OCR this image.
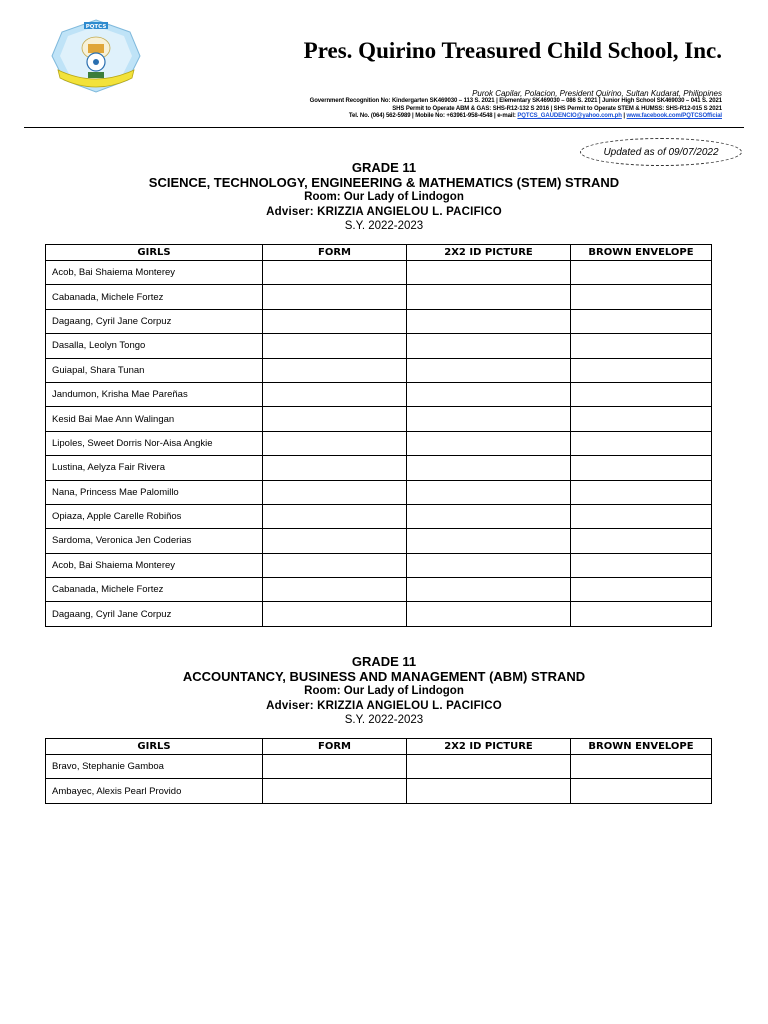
PQTCS
Pres. Quirino Treasured Child School, Inc.
Purok Capilar, Polacion, President Quirino, Sultan Kudarat, Philippines
Government Recognition No: Kindergarten SK469030 – 113 S. 2021 | Elementary SK469030 – 086 S. 2021 | Junior High School SK469030 – 041 S. 2021
SHS Permit to Operate ABM & GAS: SHS-R12-132 S 2016 | SHS Permit to Operate STEM & HUMSS: SHS-R12-015 S 2021
Tel. No. (064) 562-5989 | Mobile No: +63961-958-4548 | e-mail: PQTCS_GAUDENCIO@yahoo.com.ph | www.facebook.com/PQTCSOfficial
Updated as of 09/07/2022
GRADE 11
SCIENCE, TECHNOLOGY, ENGINEERING & MATHEMATICS (STEM) STRAND
Room: Our Lady of Lindogon
Adviser: KRIZZIA ANGIELOU L. PACIFICO
S.Y. 2022-2023
GIRLS	FORM	2X2 ID PICTURE	BROWN ENVELOPE
Acob, Bai Shaiema Monterey			
Cabanada, Michele Fortez			
Dagaang, Cyril Jane Corpuz			
Dasalla, Leolyn Tongo			
Guiapal, Shara Tunan			
Jandumon, Krisha Mae Pareñas			
Kesid Bai Mae Ann Walingan			
Lipoles, Sweet Dorris Nor-Aisa Angkie			
Lustina, Aelyza Fair Rivera			
Nana, Princess Mae Palomillo			
Opiaza, Apple Carelle Robiños			
Sardoma, Veronica Jen Coderias			
Acob, Bai Shaiema Monterey			
Cabanada, Michele Fortez			
Dagaang, Cyril Jane Corpuz			
GRADE 11
ACCOUNTANCY, BUSINESS AND MANAGEMENT (ABM) STRAND
Room: Our Lady of Lindogon
Adviser: KRIZZIA ANGIELOU L. PACIFICO
S.Y. 2022-2023
GIRLS	FORM	2X2 ID PICTURE	BROWN ENVELOPE
Bravo, Stephanie Gamboa			
Ambayec, Alexis Pearl Provido			
